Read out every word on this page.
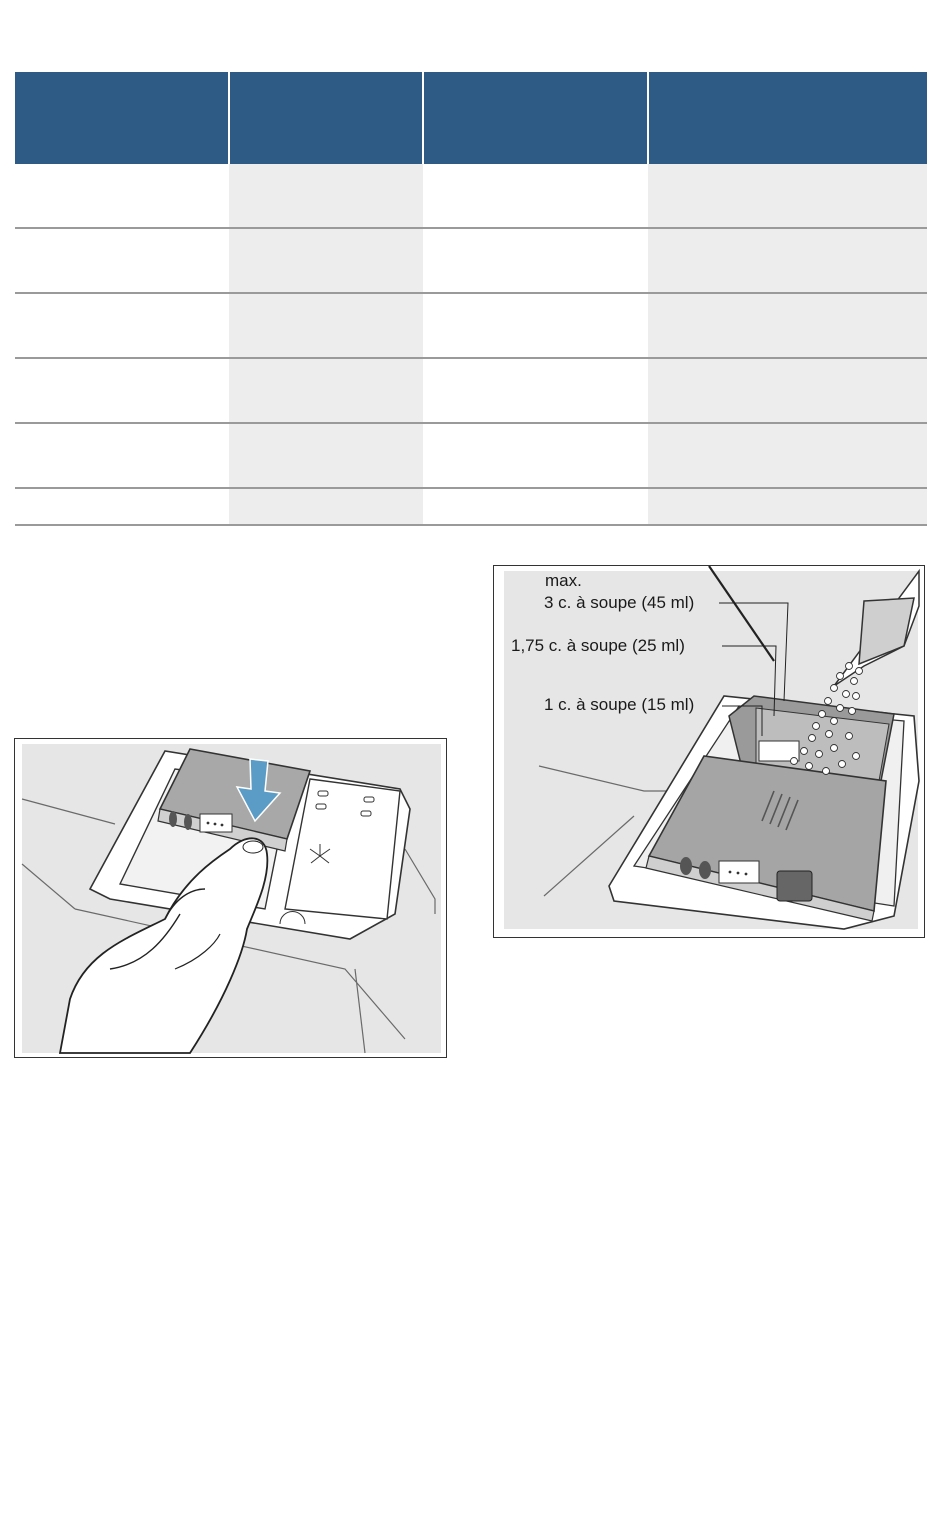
max.
3 c. à soupe (45 ml)
1,75 c. à soupe (25 ml)
1 c. à soupe (15 ml)
